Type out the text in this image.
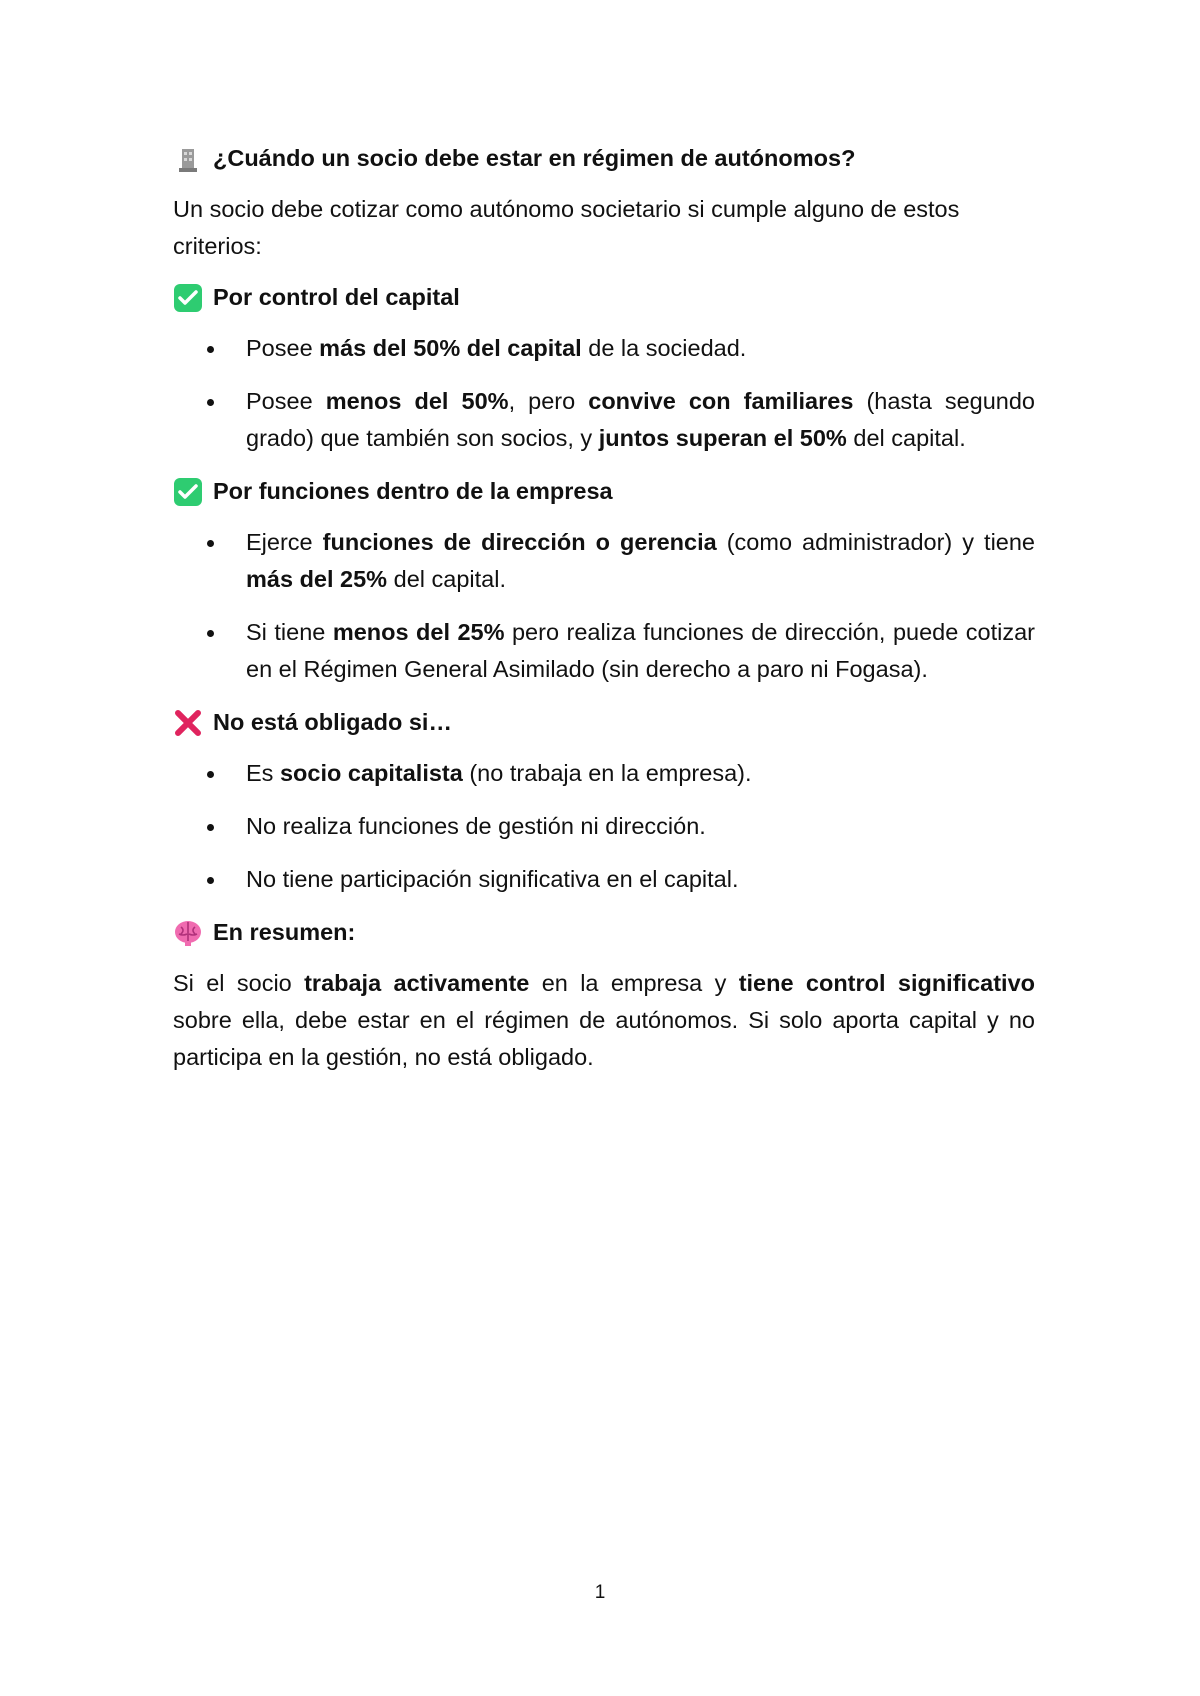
¿Cuándo un socio debe estar en régimen de autónomos?

Un socio debe cotizar como autónomo societario si cumple alguno de estos criterios:

Por control del capital
Posee más del 50% del capital de la sociedad.
Posee menos del 50%, pero convive con familiares (hasta segundo grado) que también son socios, y juntos superan el 50% del capital.
Por funciones dentro de la empresa
Ejerce funciones de dirección o gerencia (como administrador) y tiene más del 25% del capital.
Si tiene menos del 25% pero realiza funciones de dirección, puede cotizar en el Régimen General Asimilado (sin derecho a paro ni Fogasa).
No está obligado si…
Es socio capitalista (no trabaja en la empresa).
No realiza funciones de gestión ni dirección.
No tiene participación significativa en el capital.
En resumen:

Si el socio trabaja activamente en la empresa y tiene control significativo sobre ella, debe estar en el régimen de autónomos. Si solo aporta capital y no participa en la gestión, no está obligado.

1
